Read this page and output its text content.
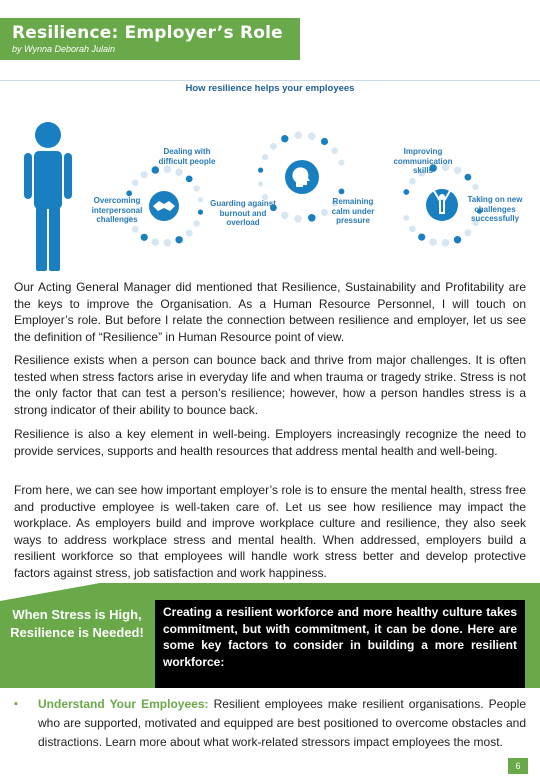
Resilience: Employer’s Role
by Wynna Deborah Julain
How resilience helps your employees
Overcoming interpersonal challenges
Dealing with difficult people
Guarding against burnout and overload
Remaining calm under pressure
Improving communication skills
Taking on new challenges successfully
Our Acting General Manager did mentioned that Resilience, Sustainability and Profitability are the keys to improve the Organisation. As a Human Resource Personnel, I will touch on Employer’s role. But before I relate the connection between resilience and employer, let us see the definition of “Resilience” in Human Resource point of view.
Resilience exists when a person can bounce back and thrive from major challenges. It is often tested when stress factors arise in everyday life and when trauma or tragedy strike. Stress is not the only factor that can test a person’s resilience; however, how a person handles stress is a strong indicator of their ability to bounce back.
Resilience is also a key element in well-being. Employers increasingly recognize the need to provide services, supports and health resources that address mental health and well-being.
From here, we can see how important employer’s role is to ensure the mental health, stress free and productive employee is well-taken care of. Let us see how resilience may impact the workplace. As employers build and improve workplace culture and resilience, they also seek ways to address workplace stress and mental health. When addressed, employers build a resilient workforce so that employees will handle work stress better and develop protective factors against stress, job satisfaction and work happiness.
When Stress is High, Resilience is Needed!
Creating a resilient workforce and more healthy culture takes commitment, but with commitment, it can be done. Here are some key factors to consider in building a more resilient workforce:
▪ Understand Your Employees: Resilient employees make resilient organisations. People who are supported, motivated and equipped are best positioned to overcome obstacles and distractions. Learn more about what work-related stressors impact employees the most.
6
